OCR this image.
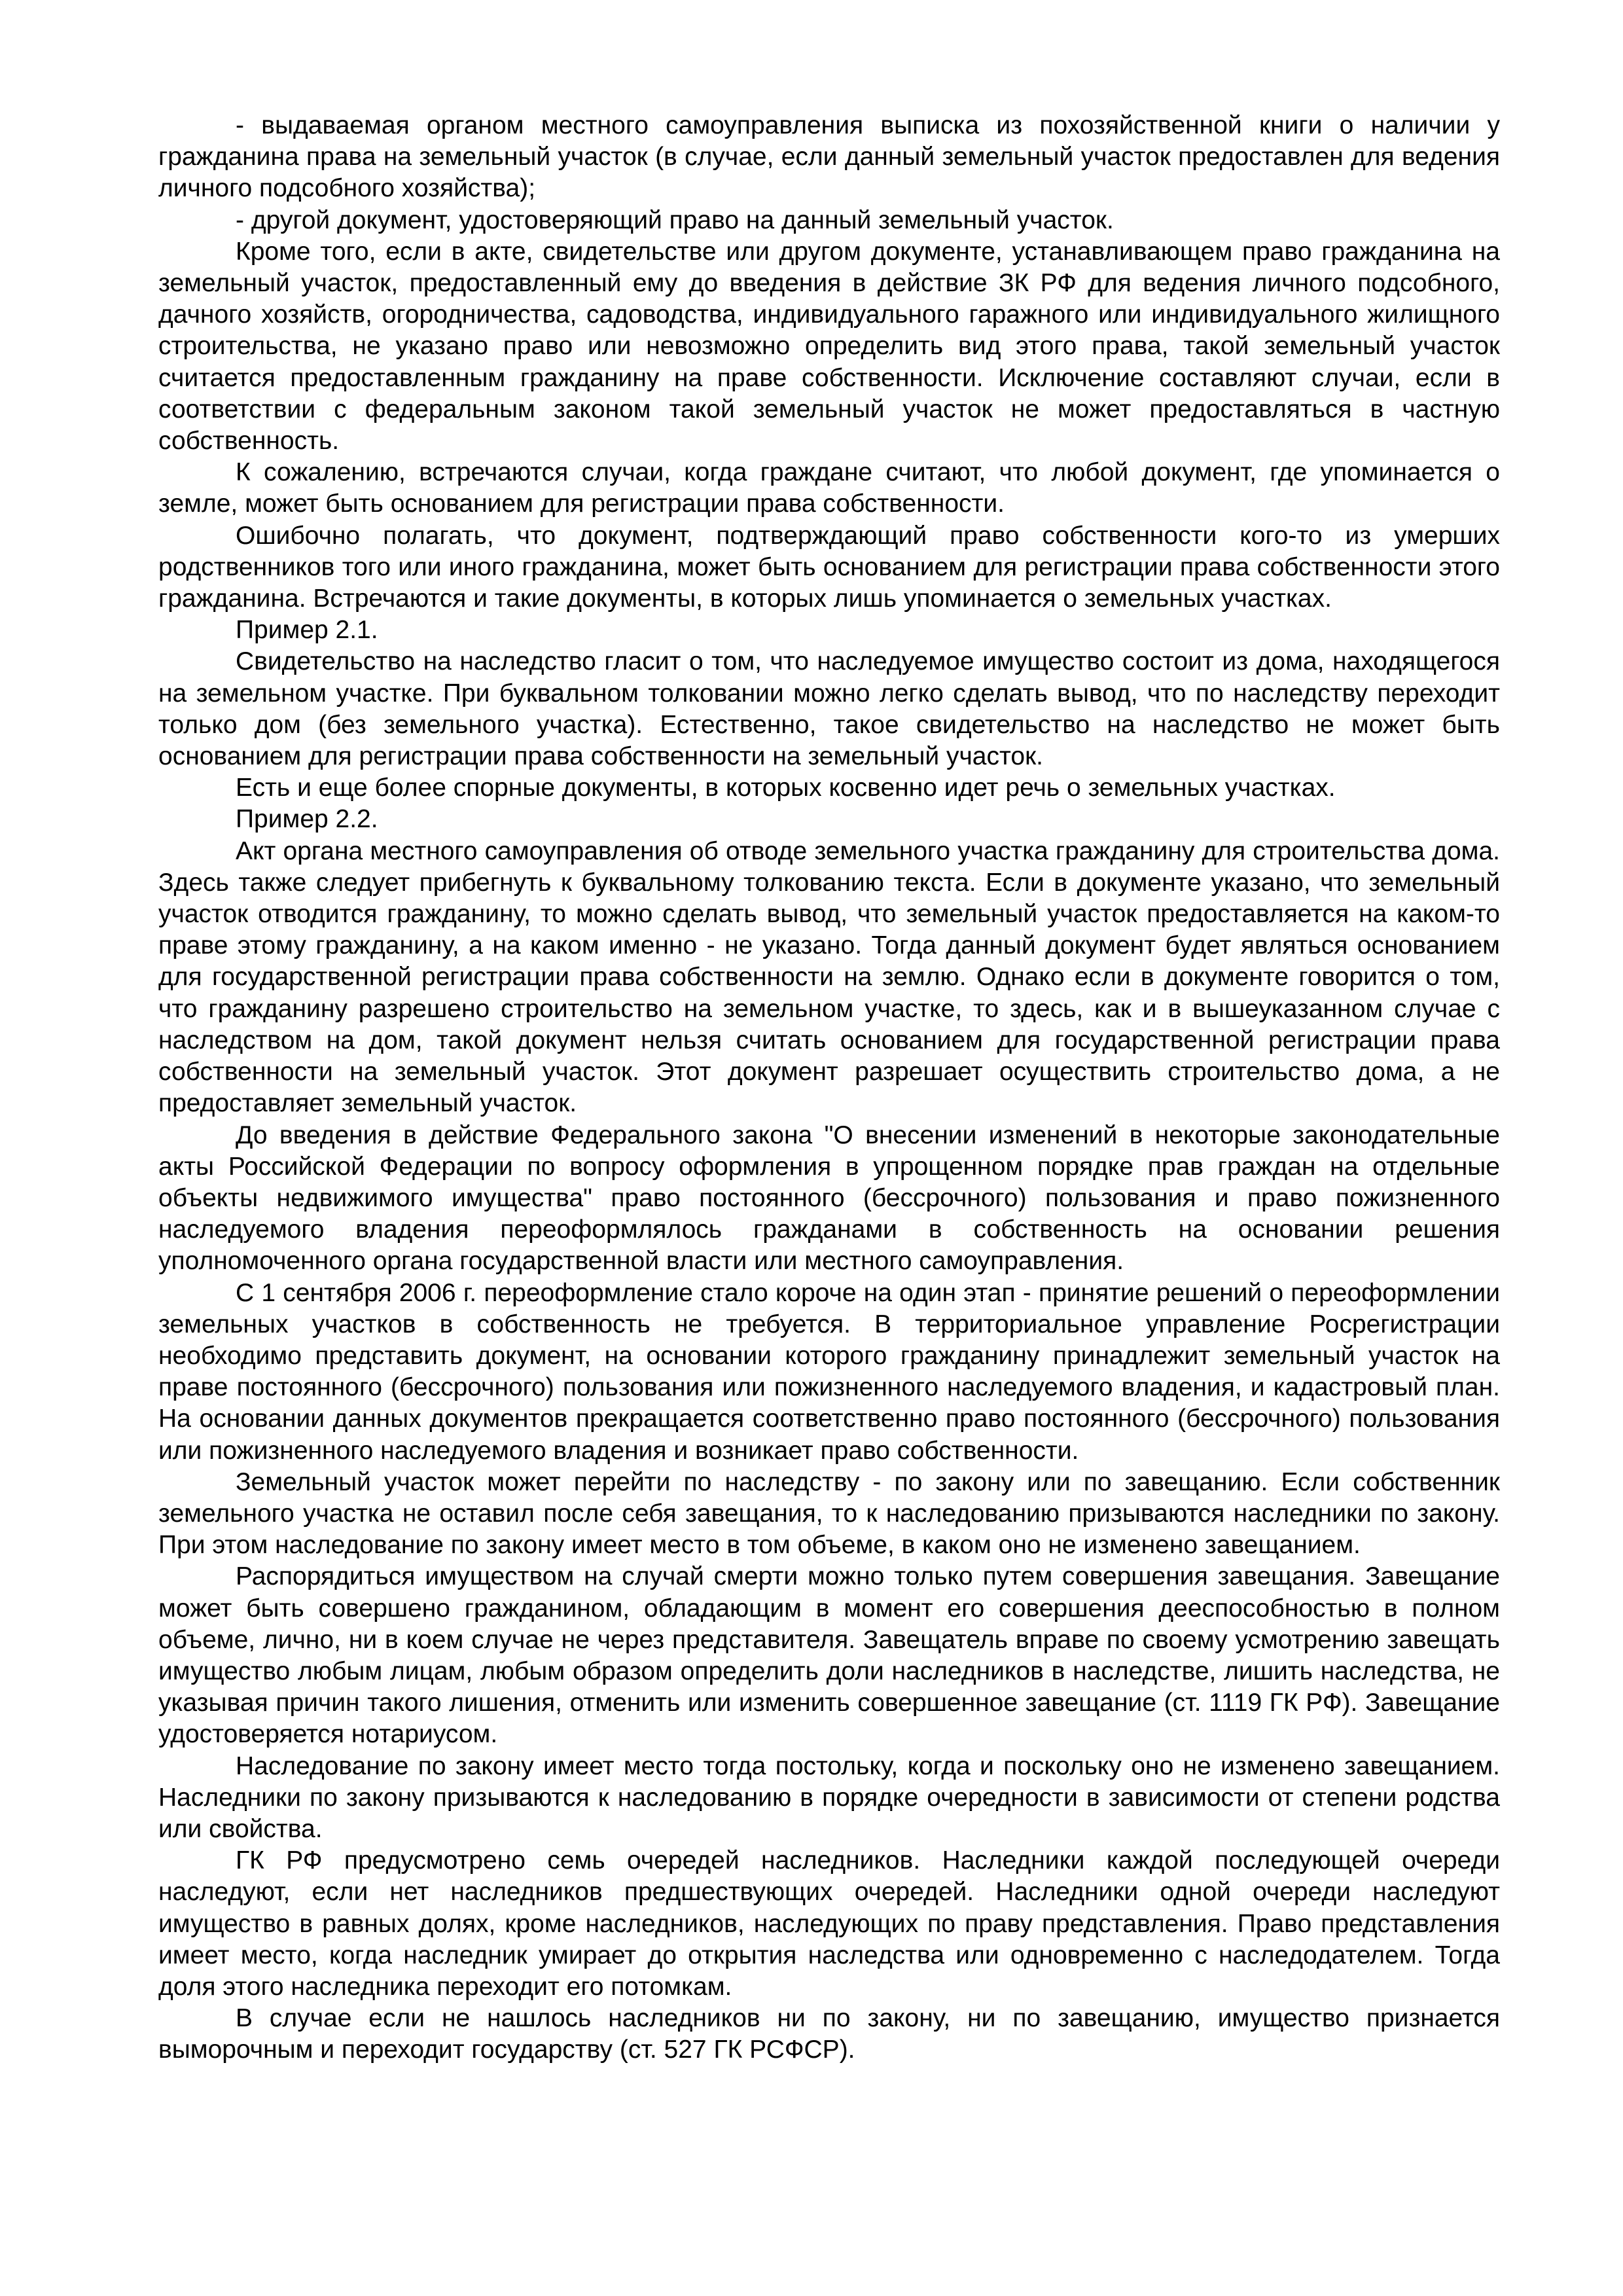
- выдаваемая органом местного самоуправления выписка из похозяйственной книги о наличии у гражданина права на земельный участок (в случае, если данный земельный участок предоставлен для ведения личного подсобного хозяйства);

- другой документ, удостоверяющий право на данный земельный участок.

Кроме того, если в акте, свидетельстве или другом документе, устанавливающем право гражданина на земельный участок, предоставленный ему до введения в действие ЗК РФ для ведения личного подсобного, дачного хозяйств, огородничества, садоводства, индивидуального гаражного или индивидуального жилищного строительства, не указано право или невозможно определить вид этого права, такой земельный участок считается предоставленным гражданину на праве собственности. Исключение составляют случаи, если в соответствии с федеральным законом такой земельный участок не может предоставляться в частную собственность.

К сожалению, встречаются случаи, когда граждане считают, что любой документ, где упоминается о земле, может быть основанием для регистрации права собственности.

Ошибочно полагать, что документ, подтверждающий право собственности кого-то из умерших родственников того или иного гражданина, может быть основанием для регистрации права собственности этого гражданина. Встречаются и такие документы, в которых лишь упоминается о земельных участках.

Пример 2.1.

Свидетельство на наследство гласит о том, что наследуемое имущество состоит из дома, находящегося на земельном участке. При буквальном толковании можно легко сделать вывод, что по наследству переходит только дом (без земельного участка). Естественно, такое свидетельство на наследство не может быть основанием для регистрации права собственности на земельный участок.

Есть и еще более спорные документы, в которых косвенно идет речь о земельных участках.

Пример 2.2.

Акт органа местного самоуправления об отводе земельного участка гражданину для строительства дома. Здесь также следует прибегнуть к буквальному толкованию текста. Если в документе указано, что земельный участок отводится гражданину, то можно сделать вывод, что земельный участок предоставляется на каком-то праве этому гражданину, а на каком именно - не указано. Тогда данный документ будет являться основанием для государственной регистрации права собственности на землю. Однако если в документе говорится о том, что гражданину разрешено строительство на земельном участке, то здесь, как и в вышеуказанном случае с наследством на дом, такой документ нельзя считать основанием для государственной регистрации права собственности на земельный участок. Этот документ разрешает осуществить строительство дома, а не предоставляет земельный участок.

До введения в действие Федерального закона "О внесении изменений в некоторые законодательные акты Российской Федерации по вопросу оформления в упрощенном порядке прав граждан на отдельные объекты недвижимого имущества" право постоянного (бессрочного) пользования и право пожизненного наследуемого владения переоформлялось гражданами в собственность на основании решения уполномоченного органа государственной власти или местного самоуправления.

С 1 сентября 2006 г. переоформление стало короче на один этап - принятие решений о переоформлении земельных участков в собственность не требуется. В территориальное управление Росрегистрации необходимо представить документ, на основании которого гражданину принадлежит земельный участок на праве постоянного (бессрочного) пользования или пожизненного наследуемого владения, и кадастровый план. На основании данных документов прекращается соответственно право постоянного (бессрочного) пользования или пожизненного наследуемого владения и возникает право собственности.

Земельный участок может перейти по наследству - по закону или по завещанию. Если собственник земельного участка не оставил после себя завещания, то к наследованию призываются наследники по закону. При этом наследование по закону имеет место в том объеме, в каком оно не изменено завещанием.

Распорядиться имуществом на случай смерти можно только путем совершения завещания. Завещание может быть совершено гражданином, обладающим в момент его совершения дееспособностью в полном объеме, лично, ни в коем случае не через представителя. Завещатель вправе по своему усмотрению завещать имущество любым лицам, любым образом определить доли наследников в наследстве, лишить наследства, не указывая причин такого лишения, отменить или изменить совершенное завещание (ст. 1119 ГК РФ). Завещание удостоверяется нотариусом.

Наследование по закону имеет место тогда постольку, когда и поскольку оно не изменено завещанием. Наследники по закону призываются к наследованию в порядке очередности в зависимости от степени родства или свойства.

ГК РФ предусмотрено семь очередей наследников. Наследники каждой последующей очереди наследуют, если нет наследников предшествующих очередей. Наследники одной очереди наследуют имущество в равных долях, кроме наследников, наследующих по праву представления. Право представления имеет место, когда наследник умирает до открытия наследства или одновременно с наследодателем. Тогда доля этого наследника переходит его потомкам.

В случае если не нашлось наследников ни по закону, ни по завещанию, имущество признается выморочным и переходит государству (ст. 527 ГК РСФСР).
